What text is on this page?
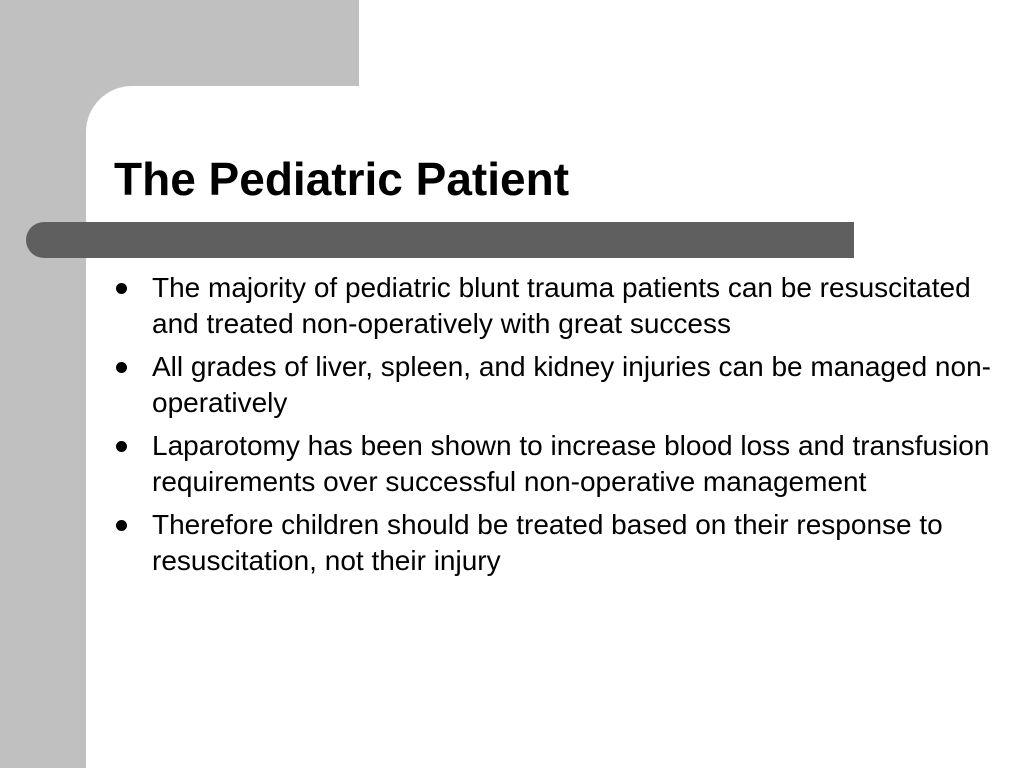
The Pediatric Patient
The majority of pediatric blunt trauma patients can be resuscitated and treated non-operatively with great success
All grades of liver, spleen, and kidney injuries can be managed non-operatively
Laparotomy has been shown to increase blood loss and transfusion requirements over successful non-operative management
Therefore children should be treated based on their response to resuscitation, not their injury
